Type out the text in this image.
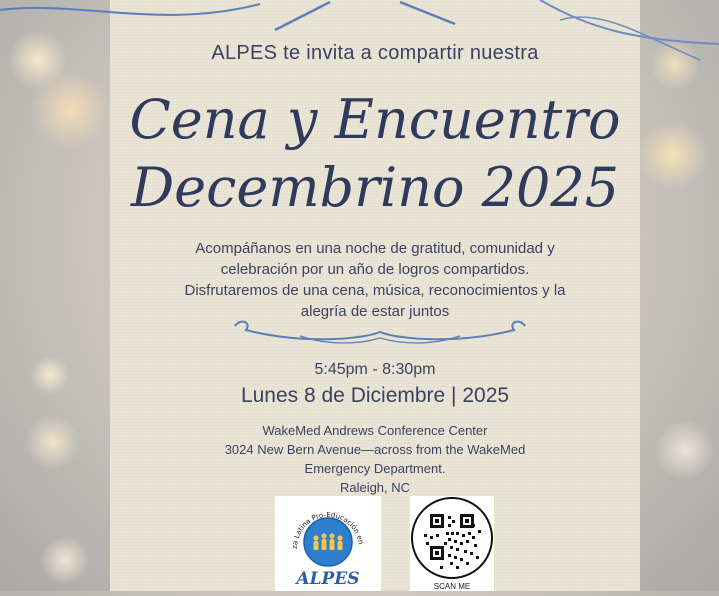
ALPES te invita a compartir nuestra
Cena y Encuentro
Decembrino 2025
Acompáñanos en una noche de gratitud, comunidad y
celebración por un año de logros compartidos.
Disfrutaremos de una cena, música, reconocimientos y la
alegría de estar juntos
5:45pm - 8:30pm
Lunes 8 de Diciembre | 2025
WakeMed Andrews Conference Center
3024 New Bern Avenue—across from the WakeMed
Emergency Department.
Raleigh, NC
za Latina Pro-Educación en
ALPES	SCAN ME
